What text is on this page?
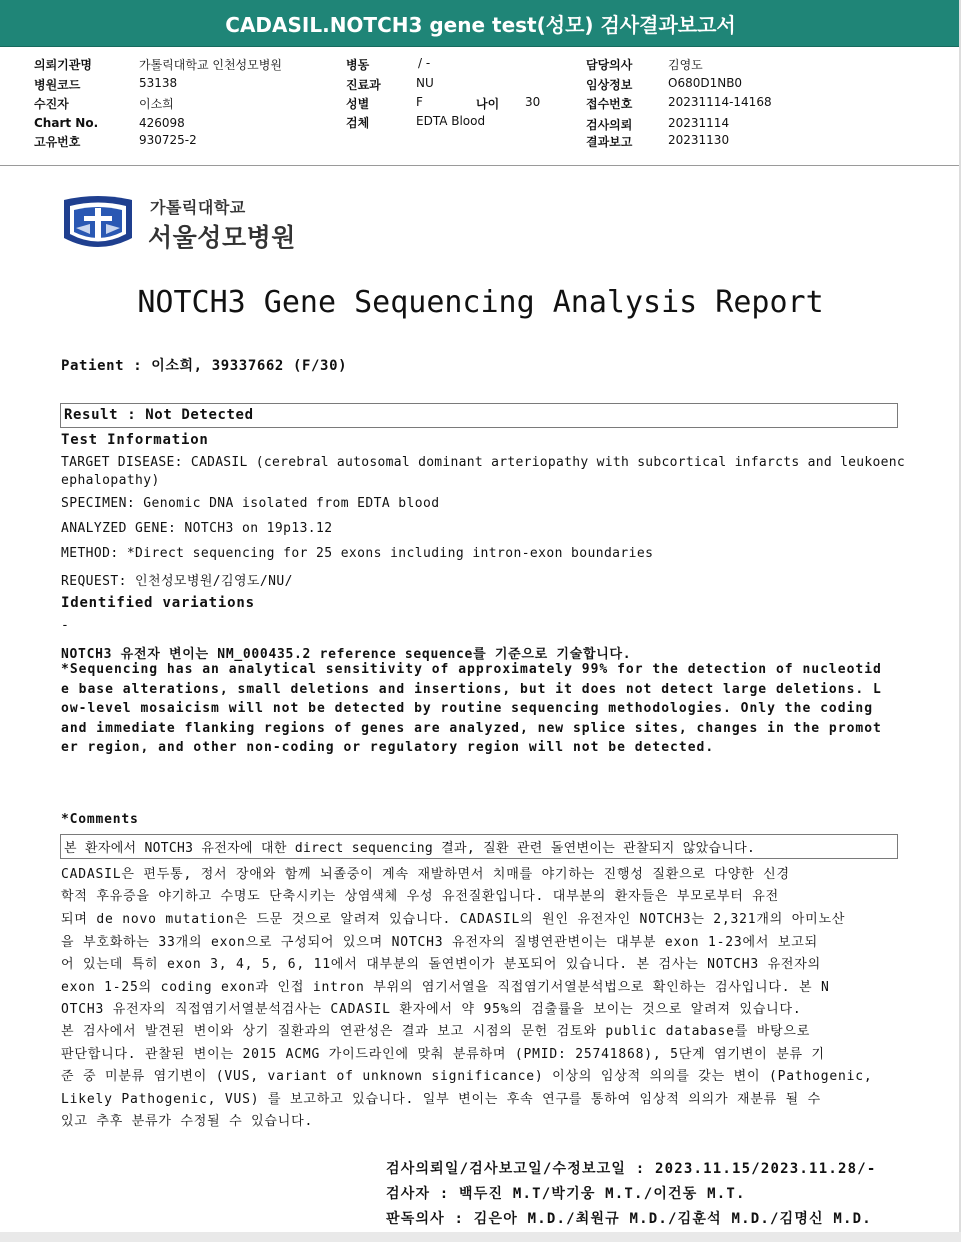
CADASIL.NOTCH3 gene test(성모) 검사결과보고서
의뢰기관명	가톨릭대학교 인천성모병원
병원코드	53138
수진자	이소희
Chart No.	426098
고유번호	930725-2
병동	/ -
진료과	NU
성별	F	나이 30
검체	EDTA Blood
담당의사	김영도
임상정보	O680D1NB0
접수번호	20231114-14168
검사의뢰	20231114
결과보고	20231130
가톨릭대학교
서울성모병원
NOTCH3 Gene Sequencing Analysis Report
Patient : 이소희, 39337662 (F/30)
Result : Not Detected
Test Information
TARGET DISEASE: CADASIL (cerebral autosomal dominant arteriopathy with subcortical infarcts and leukoenc
ephalopathy)
SPECIMEN: Genomic DNA isolated from EDTA blood
ANALYZED GENE: NOTCH3 on 19p13.12
METHOD: *Direct sequencing for 25 exons including intron-exon boundaries
REQUEST: 인천성모병원/김영도/NU/
Identified variations
-
NOTCH3 유전자 변이는 NM_000435.2 reference sequence를 기준으로 기술합니다.
*Sequencing has an analytical sensitivity of approximately 99% for the detection of nucleotid
e base alterations, small deletions and insertions, but it does not detect large deletions. L
ow-level mosaicism will not be detected by routine sequencing methodologies. Only the coding
and immediate flanking regions of genes are analyzed, new splice sites, changes in the promot
er region, and other non-coding or regulatory region will not be detected.
*Comments
본 환자에서 NOTCH3 유전자에 대한 direct sequencing 결과, 질환 관련 돌연변이는 관찰되지 않았습니다.
CADASIL은 편두통, 정서 장애와 함께 뇌졸중이 계속 재발하면서 치매를 야기하는 진행성 질환으로 다양한 신경
학적 후유증을 야기하고 수명도 단축시키는 상염색체 우성 유전질환입니다. 대부분의 환자들은 부모로부터 유전
되며 de novo mutation은 드문 것으로 알려져 있습니다. CADASIL의 원인 유전자인 NOTCH3는 2,321개의 아미노산
을 부호화하는 33개의 exon으로 구성되어 있으며 NOTCH3 유전자의 질병연관변이는 대부분 exon 1-23에서 보고되
어 있는데 특히 exon 3, 4, 5, 6, 11에서 대부분의 돌연변이가 분포되어 있습니다. 본 검사는 NOTCH3 유전자의
exon 1-25의 coding exon과 인접 intron 부위의 염기서열을 직접염기서열분석법으로 확인하는 검사입니다. 본 N
OTCH3 유전자의 직접염기서열분석검사는 CADASIL 환자에서 약 95%의 검출률을 보이는 것으로 알려져 있습니다.
본 검사에서 발견된 변이와 상기 질환과의 연관성은 결과 보고 시점의 문헌 검토와 public database를 바탕으로
판단합니다. 관찰된 변이는 2015 ACMG 가이드라인에 맞춰 분류하며 (PMID: 25741868), 5단계 염기변이 분류 기
준 중 미분류 염기변이 (VUS, variant of unknown significance) 이상의 임상적 의의를 갖는 변이 (Pathogenic,
Likely Pathogenic, VUS) 를 보고하고 있습니다. 일부 변이는 후속 연구를 통하여 임상적 의의가 재분류 될 수
있고 추후 분류가 수정될 수 있습니다.
검사의뢰일/검사보고일/수정보고일 : 2023.11.15/2023.11.28/-
검사자 : 백두진 M.T/박기웅 M.T./이건동 M.T.
판독의사 : 김은아 M.D./최원규 M.D./김훈석 M.D./김명신 M.D.
